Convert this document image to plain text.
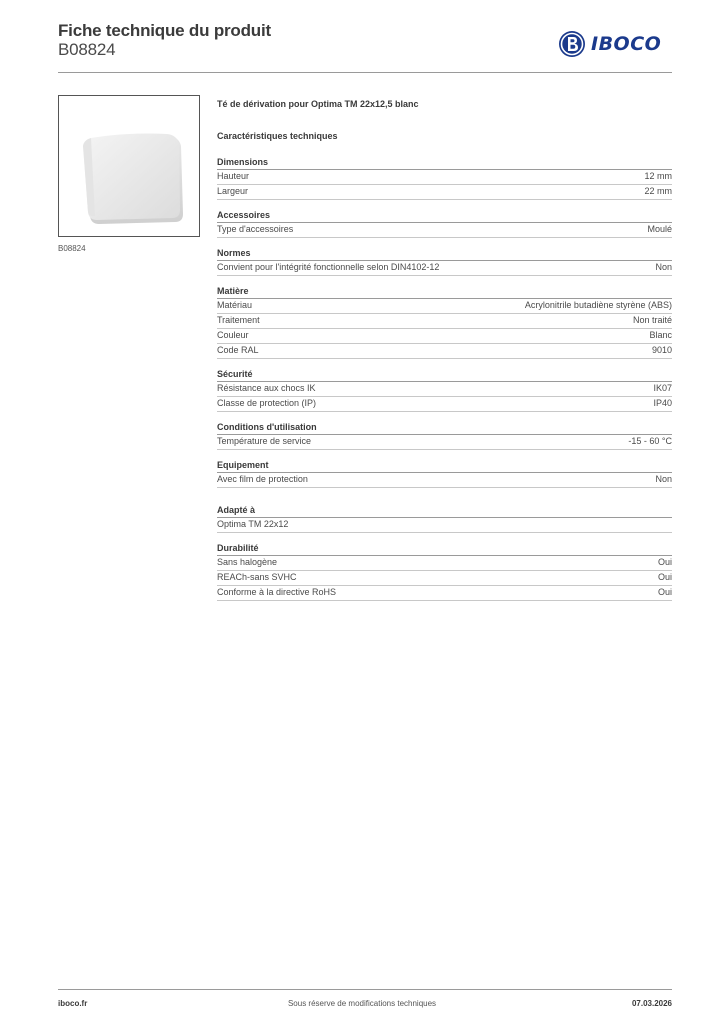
Fiche technique du produit
B08824	IBOCO
B08824
Té de dérivation pour Optima TM 22x12,5 blanc
Caractéristiques techniques
Dimensions
Hauteur	12 mm
Largeur	22 mm
Accessoires
Type d'accessoires	Moulé
Normes
Convient pour l'intégrité fonctionnelle selon DIN4102-12	Non
Matière
Matériau	Acrylonitrile butadiène styrène (ABS)
Traitement	Non traité
Couleur	Blanc
Code RAL	9010
Sécurité
Résistance aux chocs IK	IK07
Classe de protection (IP)	IP40
Conditions d'utilisation
Température de service	-15 - 60 °C
Equipement
Avec film de protection	Non
Adapté à
Optima TM 22x12
Durabilité
Sans halogène	Oui
REACh-sans SVHC	Oui
Conforme à la directive RoHS	Oui
iboco.fr	Sous réserve de modifications techniques	07.03.2026
